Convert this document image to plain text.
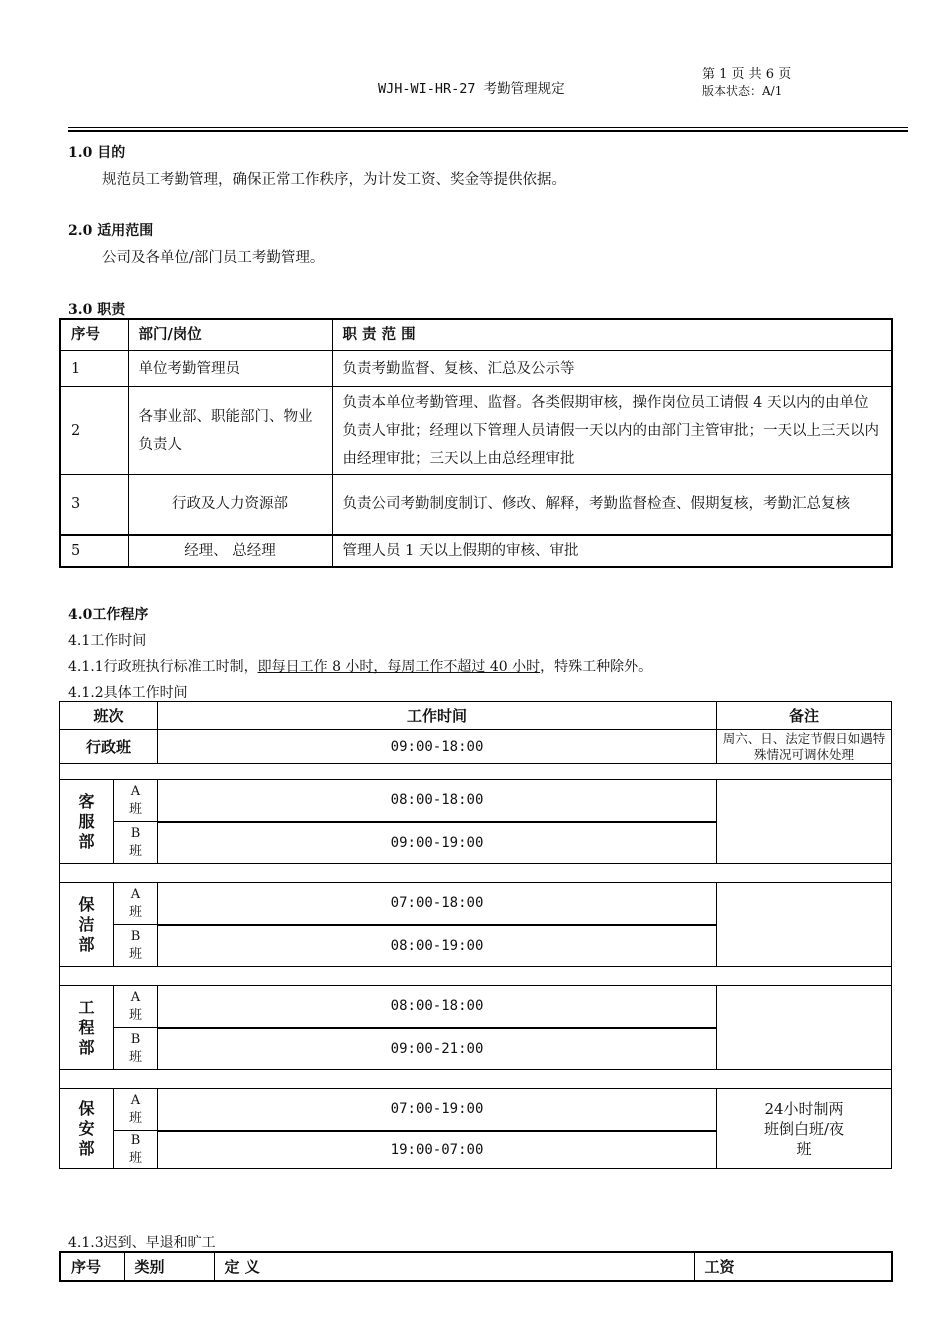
WJH-WI-HR-27 考勤管理规定
第 1 页 共 6 页
版本状态：A/1
1.0 目的
规范员工考勤管理，确保正常工作秩序，为计发工资、奖金等提供依据。
2.0 适用范围
公司及各单位/部门员工考勤管理。
3.0 职责
序号	部门/岗位	职 责 范 围
1	单位考勤管理员	负责考勤监督、复核、汇总及公示等
2	各事业部、职能部门、物业负责人	负责本单位考勤管理、监督。各类假期审核，操作岗位员工请假 4 天以内的由单位负责人审批；经理以下管理人员请假一天以内的由部门主管审批；一天以上三天以内由经理审批；三天以上由总经理审批
3	行政及人力资源部	负责公司考勤制度制订、修改、解释，考勤监督检查、假期复核，考勤汇总复核
5	经理、 总经理	管理人员 1 天以上假期的审核、审批
4.0工作程序
4.1工作时间
4.1.1行政班执行标准工时制，即每日工作 8 小时，每周工作不超过 40 小时，特殊工种除外。
4.1.2具体工作时间
班次		工作时间	备注
行政班		09:00-18:00	周六、日、法定节假日如遇特殊情况可调休处理

客服部	A班	08:00-18:00	
	B班	09:00-19:00	

保洁部	A班	07:00-18:00	
	B班	08:00-19:00	

工程部	A班	08:00-18:00	
	B班	09:00-21:00	

保安部	A班	07:00-19:00	24小时制两班倒白班/夜班
	B班	19:00-07:00	
4.1.3迟到、早退和旷工
序号	类别	定 义	工资
